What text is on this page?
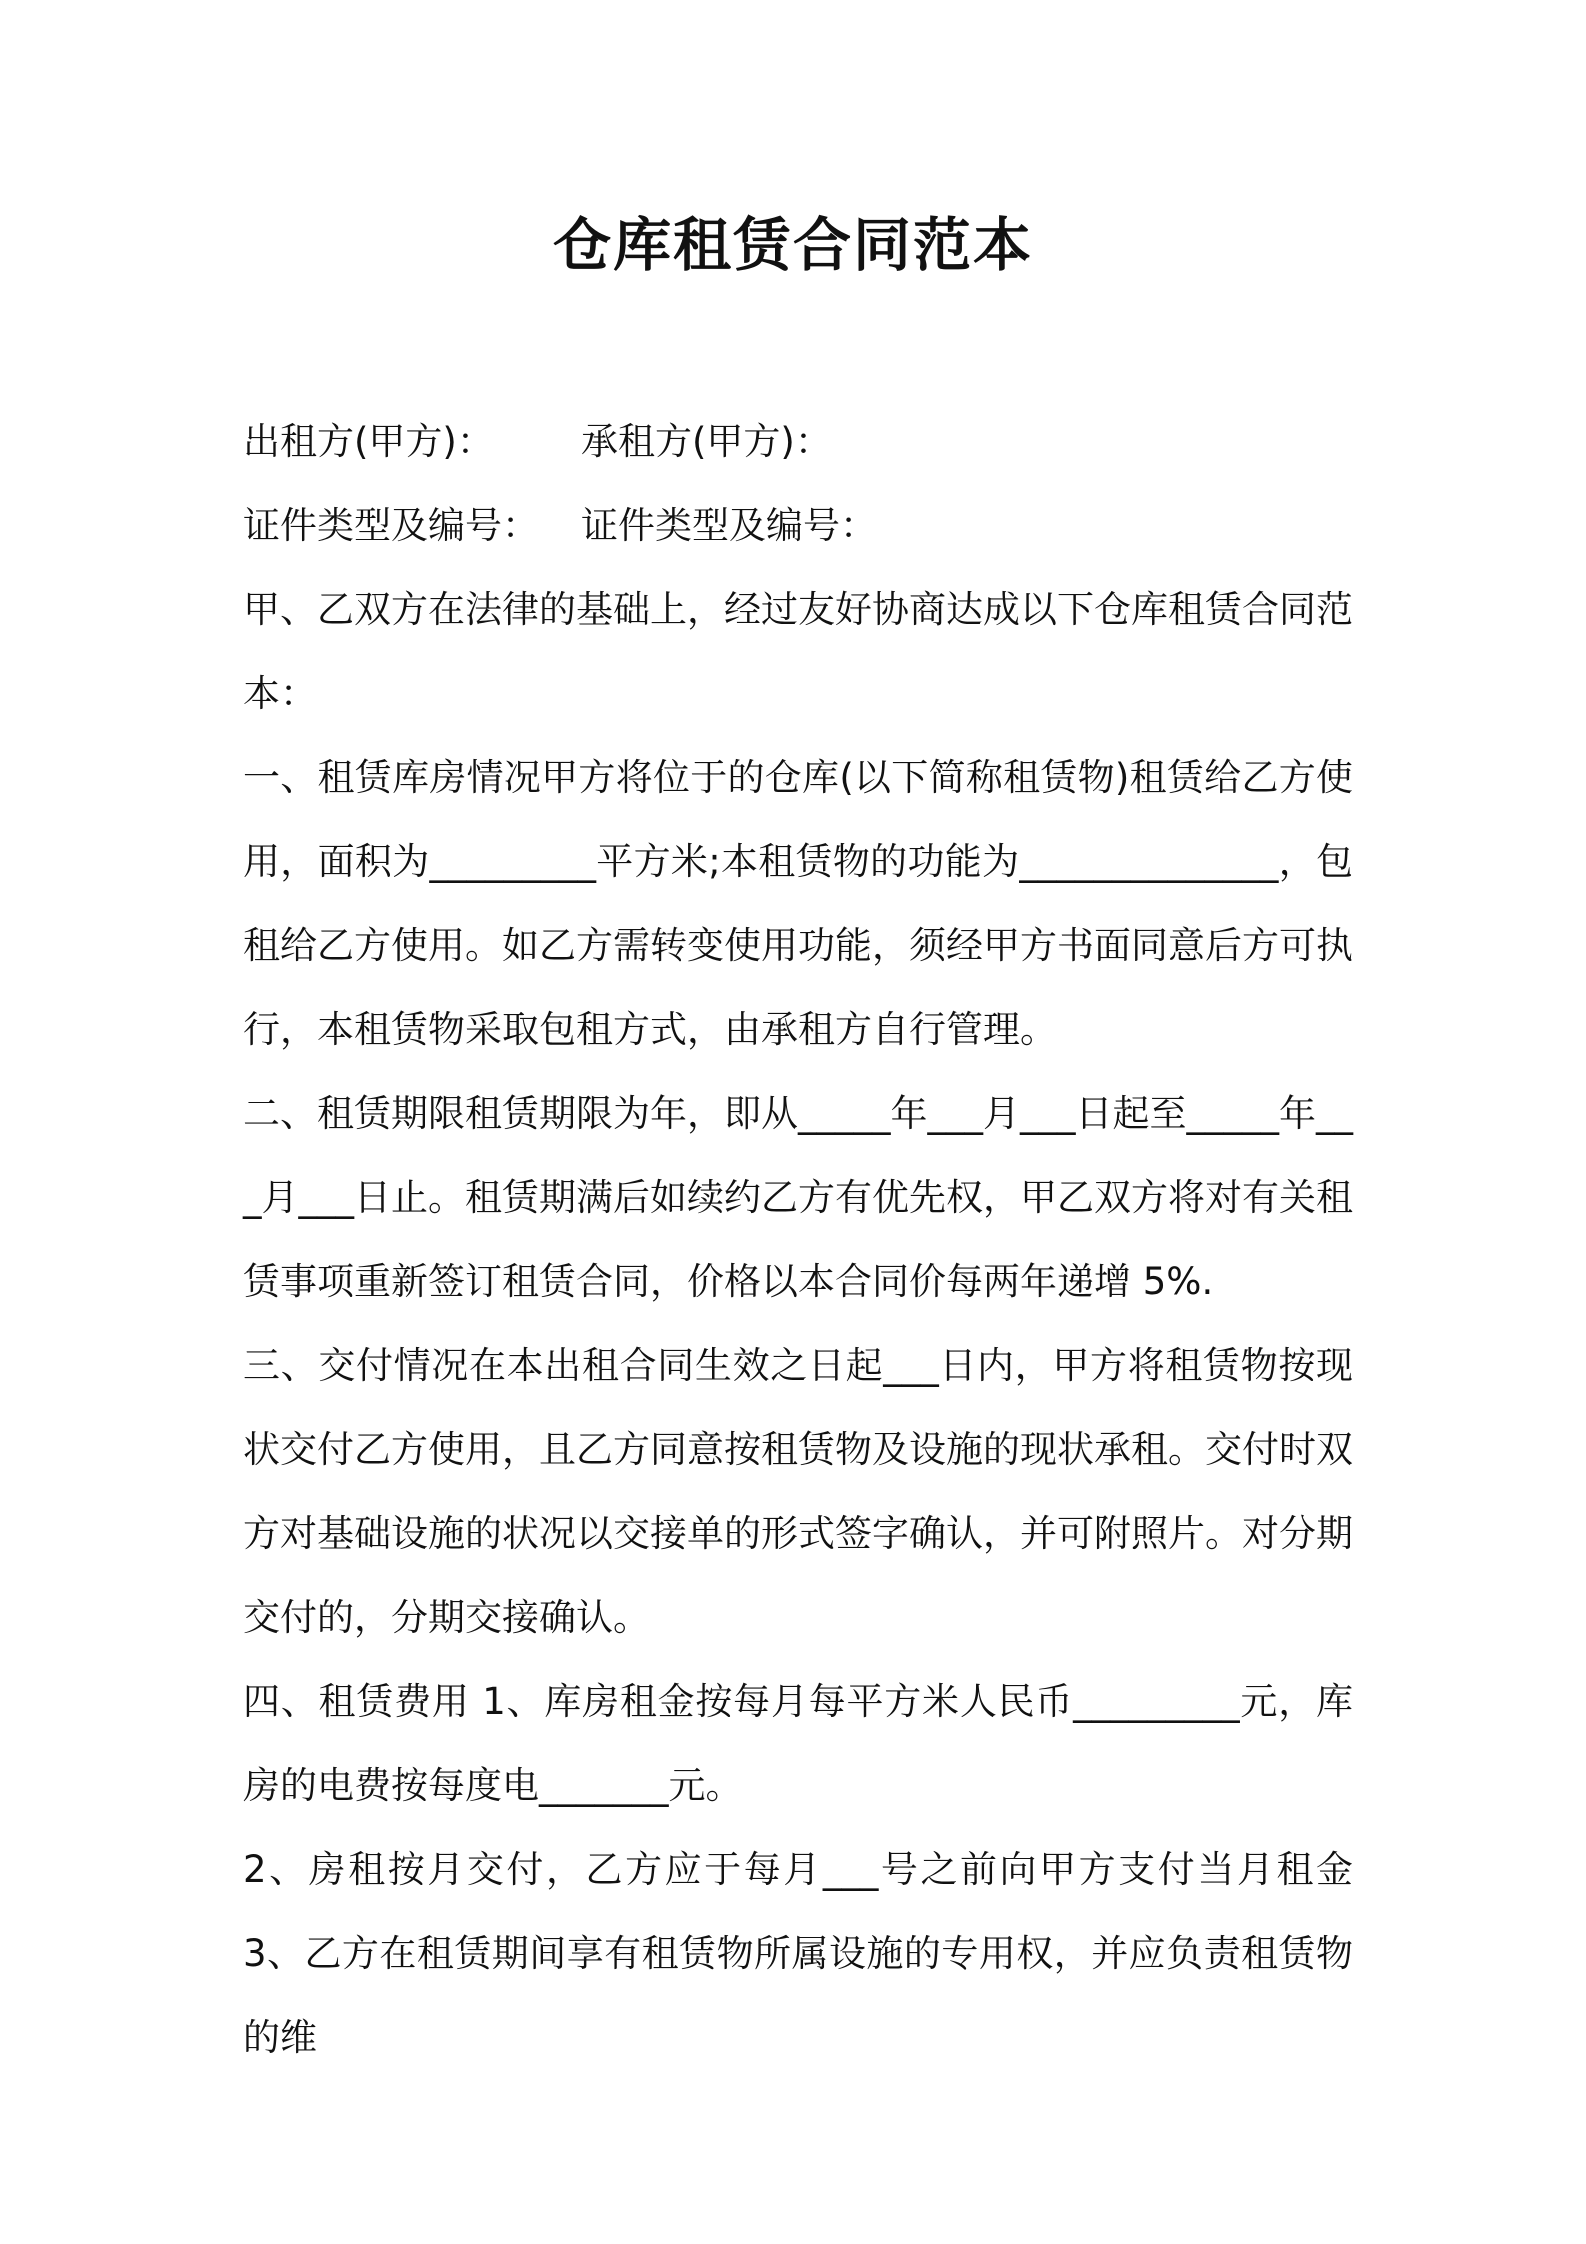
仓库租赁合同范本
出租方(甲方)：	承租方(甲方)：
证件类型及编号：	证件类型及编号：

甲、乙双方在法律的基础上，经过友好协商达成以下仓库租赁合同范本：

一、租赁库房情况甲方将位于的仓库(以下简称租赁物)租赁给乙方使用，面积为_________平方米;本租赁物的功能为______________，包租给乙方使用。如乙方需转变使用功能，须经甲方书面同意后方可执行，本租赁物采取包租方式，由承租方自行管理。

二、租赁期限租赁期限为年，即从_____年___月___日起至_____年___月___日止。租赁期满后如续约乙方有优先权，甲乙双方将对有关租赁事项重新签订租赁合同，价格以本合同价每两年递增 5%.

三、交付情况在本出租合同生效之日起___日内，甲方将租赁物按现状交付乙方使用，且乙方同意按租赁物及设施的现状承租。交付时双方对基础设施的状况以交接单的形式签字确认，并可附照片。对分期交付的，分期交接确认。

四、租赁费用 1、库房租金按每月每平方米人民币_________元，库房的电费按每度电_______元。

2、房租按月交付，乙方应于每月___号之前向甲方支付当月租金 3、乙方在租赁期间享有租赁物所属设施的专用权，并应负责租赁物的维
